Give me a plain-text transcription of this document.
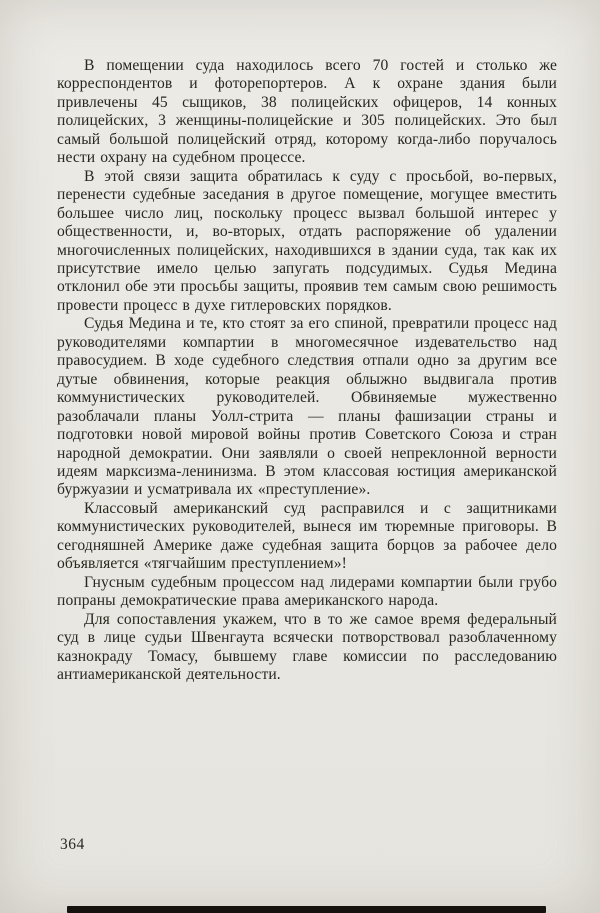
В помещении суда находилось всего 70 гостей и столько же корреспондентов и фоторепортеров. А к охране здания были привлечены 45 сыщиков, 38 полицейских офицеров, 14 конных полицейских, 3 женщины-полицейские и 305 полицейских. Это был самый большой полицейский отряд, которому когда-либо поручалось нести охрану на судебном процессе.

В этой связи защита обратилась к суду с просьбой, во-первых, перенести судебные заседания в другое помещение, могущее вместить большее число лиц, поскольку процесс вызвал большой интерес у общественности, и, во-вторых, отдать распоряжение об удалении многочисленных полицейских, находившихся в здании суда, так как их присутствие имело целью запугать подсудимых. Судья Медина отклонил обе эти просьбы защиты, проявив тем самым свою решимость провести процесс в духе гитлеровских порядков.

Судья Медина и те, кто стоят за его спиной, превратили процесс над руководителями компартии в многомесячное издевательство над правосудием. В ходе судебного следствия отпали одно за другим все дутые обвинения, которые реакция облыжно выдвигала против коммунистических руководителей. Обвиняемые мужественно разоблачали планы Уолл-стрита — планы фашизации страны и подготовки новой мировой войны против Советского Союза и стран народной демократии. Они заявляли о своей непреклонной верности идеям марксизма-ленинизма. В этом классовая юстиция американской буржуазии и усматривала их «преступление».

Классовый американский суд расправился и с защитниками коммунистических руководителей, вынеся им тюремные приговоры. В сегодняшней Америке даже судебная защита борцов за рабочее дело объявляется «тягчайшим преступлением»!

Гнусным судебным процессом над лидерами компартии были грубо попраны демократические права американского народа.

Для сопоставления укажем, что в то же самое время федеральный суд в лице судьи Швенгаута всячески потворствовал разоблаченному казнокраду Томасу, бывшему главе комиссии по расследованию антиамериканской деятельности.

364
